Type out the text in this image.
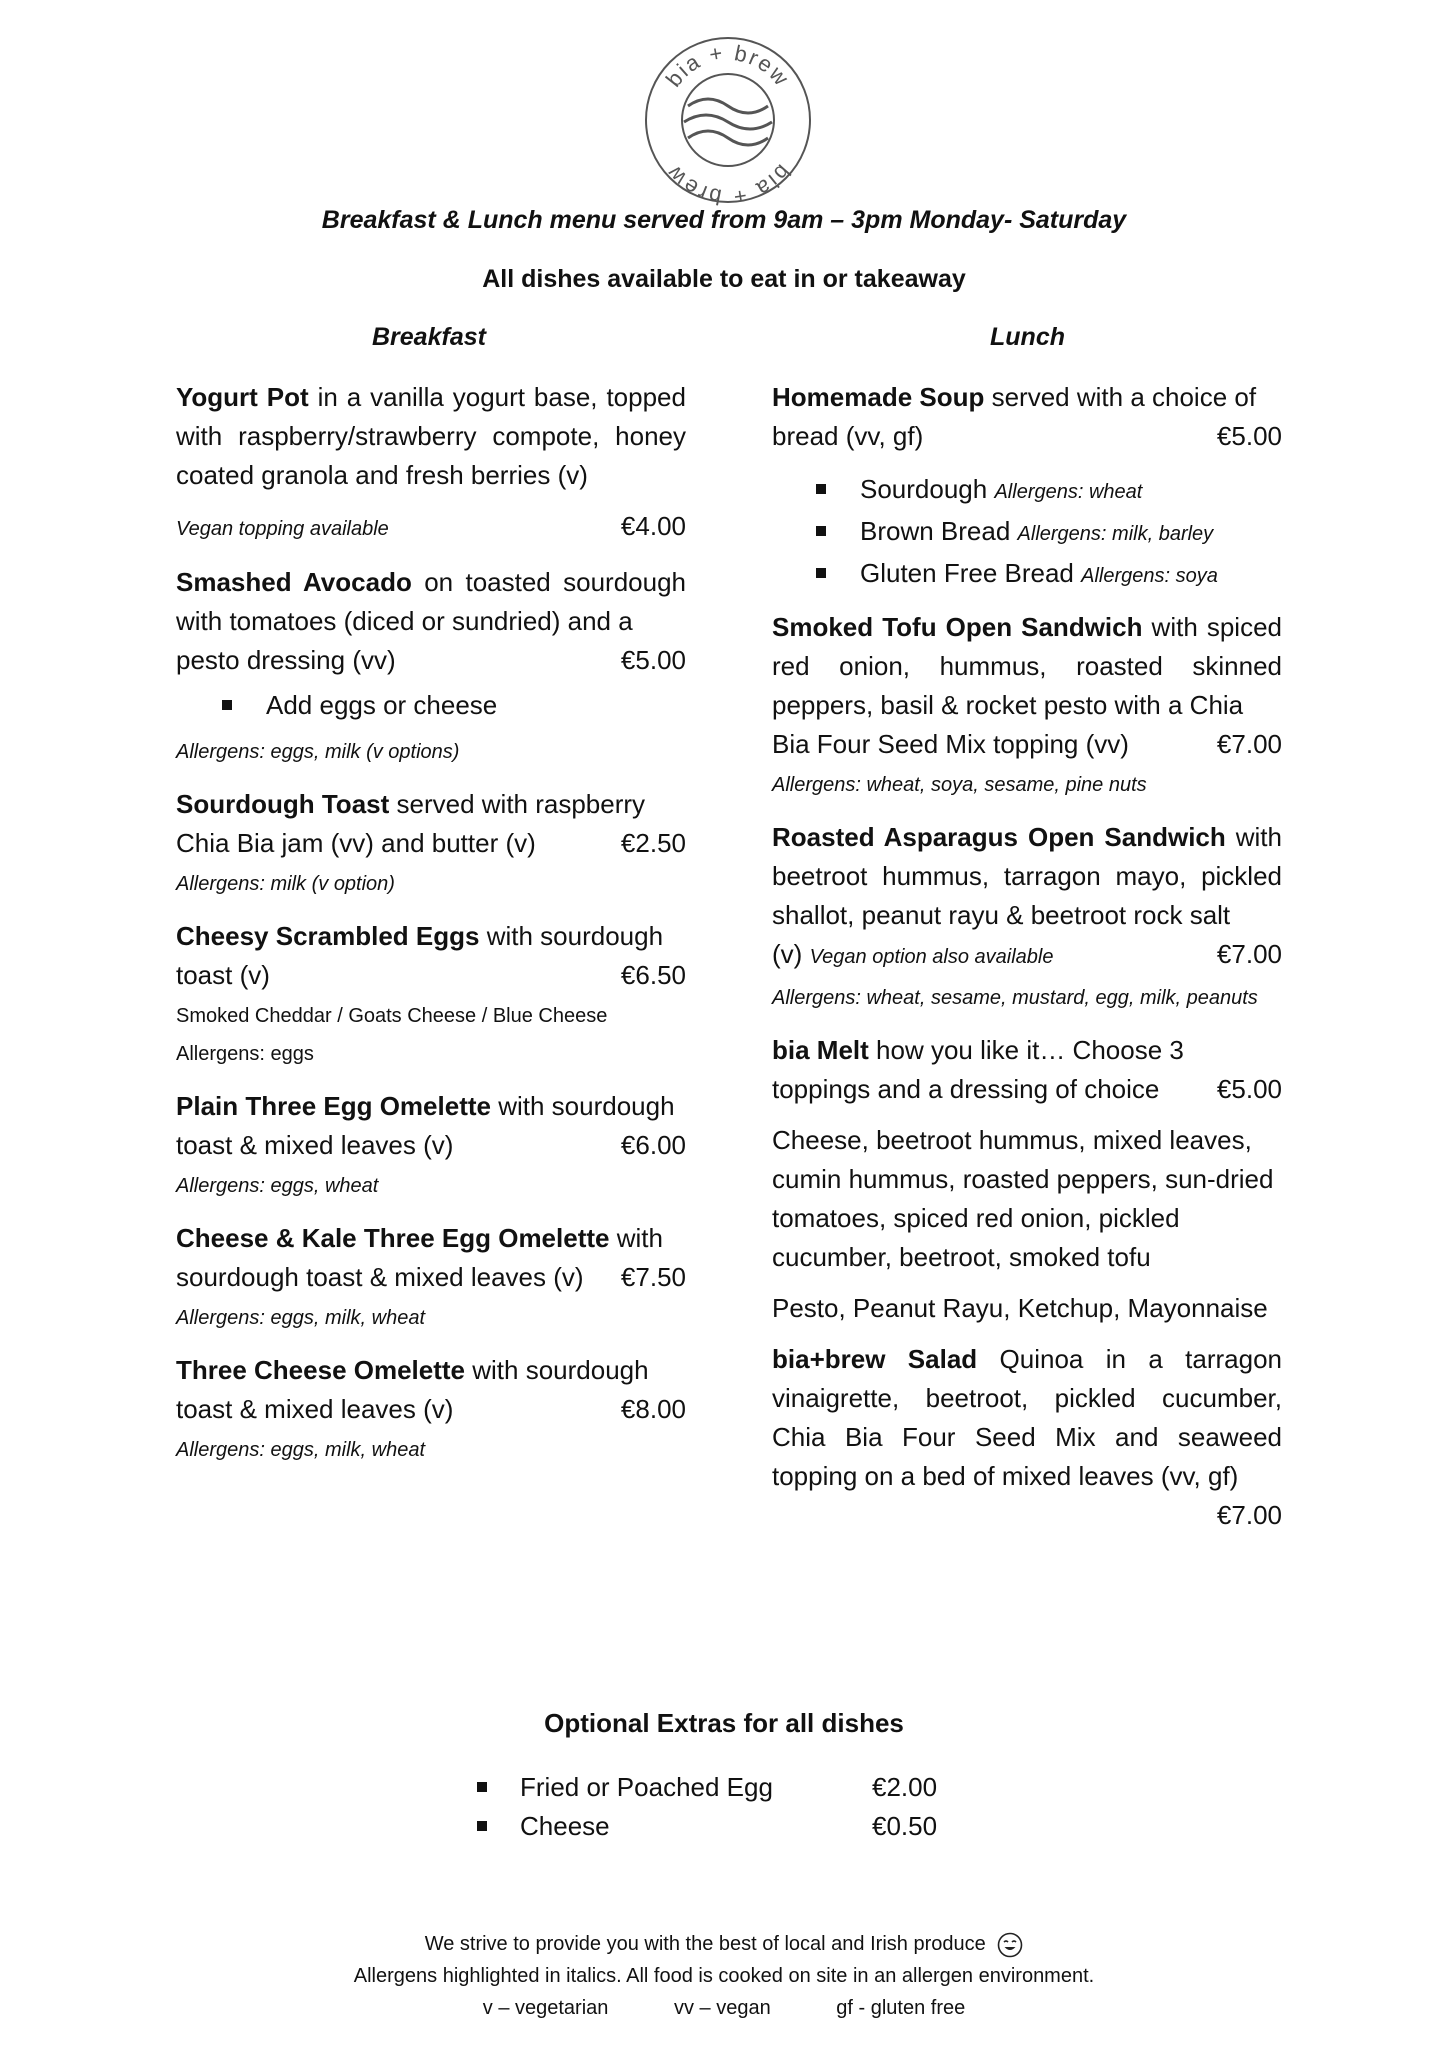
bia + brew
bia + brew
Breakfast & Lunch menu served from 9am – 3pm Monday- Saturday
All dishes available to eat in or takeaway
Breakfast	Lunch
Yogurt Pot in a vanilla yogurt base, topped with raspberry/strawberry compote, honey coated granola and fresh berries (v)
Vegan topping available	€4.00
Smashed Avocado on toasted sourdough with tomatoes (diced or sundried) and a
pesto dressing (vv)	€5.00
Add eggs or cheese
Allergens: eggs, milk (v options)
Sourdough Toast served with raspberry
Chia Bia jam (vv) and butter (v)	€2.50
Allergens: milk (v option)
Cheesy Scrambled Eggs with sourdough
toast (v)	€6.50
Smoked Cheddar / Goats Cheese / Blue Cheese
Allergens: eggs
Plain Three Egg Omelette with sourdough
toast & mixed leaves (v)	€6.00
Allergens: eggs, wheat
Cheese & Kale Three Egg Omelette with
sourdough toast & mixed leaves (v) €7.50
Allergens: eggs, milk, wheat
Three Cheese Omelette with sourdough
toast & mixed leaves (v)	€8.00
Allergens: eggs, milk, wheat
Homemade Soup served with a choice of
bread (vv, gf)	€5.00
Sourdough Allergens: wheat
Brown Bread Allergens: milk, barley
Gluten Free Bread Allergens: soya
Smoked Tofu Open Sandwich with spiced red onion, hummus, roasted skinned peppers, basil & rocket pesto with a Chia
Bia Four Seed Mix topping (vv)	€7.00
Allergens: wheat, soya, sesame, pine nuts
Roasted Asparagus Open Sandwich with beetroot hummus, tarragon mayo, pickled shallot, peanut rayu & beetroot rock salt
(v) Vegan option also available	€7.00
Allergens: wheat, sesame, mustard, egg, milk, peanuts
bia Melt how you like it… Choose 3
toppings and a dressing of choice €5.00
Cheese, beetroot hummus, mixed leaves, cumin hummus, roasted peppers, sun-dried tomatoes, spiced red onion, pickled cucumber, beetroot, smoked tofu
Pesto, Peanut Rayu, Ketchup, Mayonnaise
bia+brew Salad Quinoa in a tarragon vinaigrette, beetroot, pickled cucumber, Chia Bia Four Seed Mix and seaweed topping on a bed of mixed leaves (vv, gf)
€7.00
Optional Extras for all dishes
Fried or Poached Egg	€2.00
Cheese	€0.50
We strive to provide you with the best of local and Irish produce
Allergens highlighted in italics. All food is cooked on site in an allergen environment.
v – vegetarian	vv – vegan	gf - gluten free
